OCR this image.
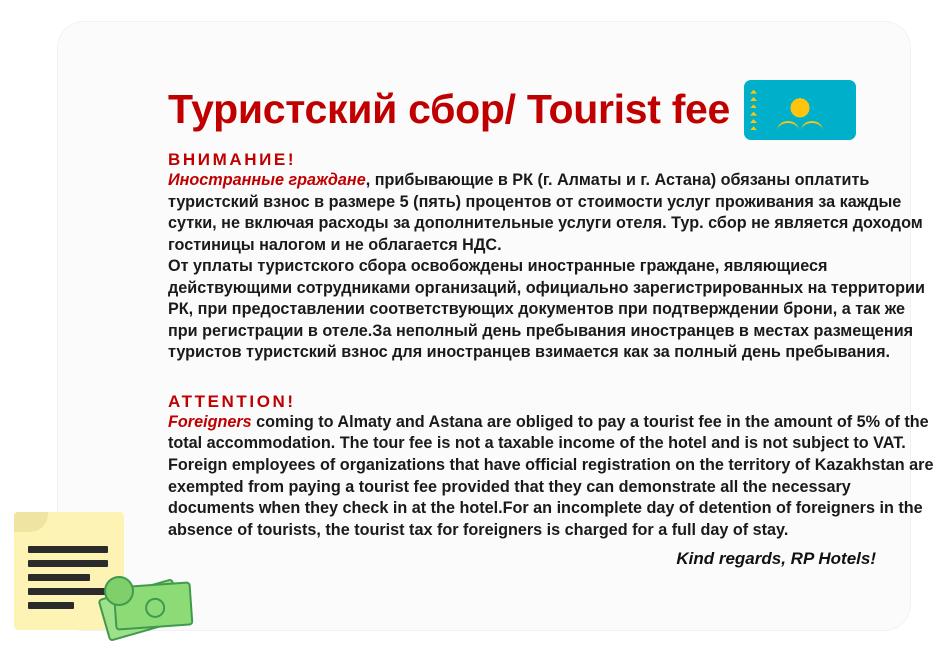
Туристский сбор/ Tourist fee
ВНИМАНИЕ!

Иностранные граждане, прибывающие в РК (г. Алматы и г. Астана) обязаны оплатить туристский взнос в размере 5 (пять) процентов от стоимости услуг проживания за каждые сутки, не включая расходы за дополнительные услуги отеля. Тур. сбор не является доходом гостиницы налогом и не облагается НДС.

От уплаты туристского сбора освобождены иностранные граждане, являющиеся действующими сотрудниками организаций, официально зарегистрированных на территории РК, при предоставлении соответствующих документов при подтверждении брони, а так же при регистрации в отеле.За неполный день пребывания иностранцев в местах размещения туристов туристский взнос для иностранцев взимается как за полный день пребывания.

ATTENTION!

Foreigners coming to Almaty and Astana are obliged to pay a tourist fee in the amount of 5% of the total accommodation. The tour fee is not a taxable income of the hotel and is not subject to VAT.

Foreign employees of organizations that have official registration on the territory of Kazakhstan are exempted from paying a tourist fee provided that they can demonstrate all the necessary documents when they check in at the hotel.For an incomplete day of detention of foreigners in the absence of tourists, the tourist tax for foreigners is charged for a full day of stay.

Kind regards, RP Hotels!
